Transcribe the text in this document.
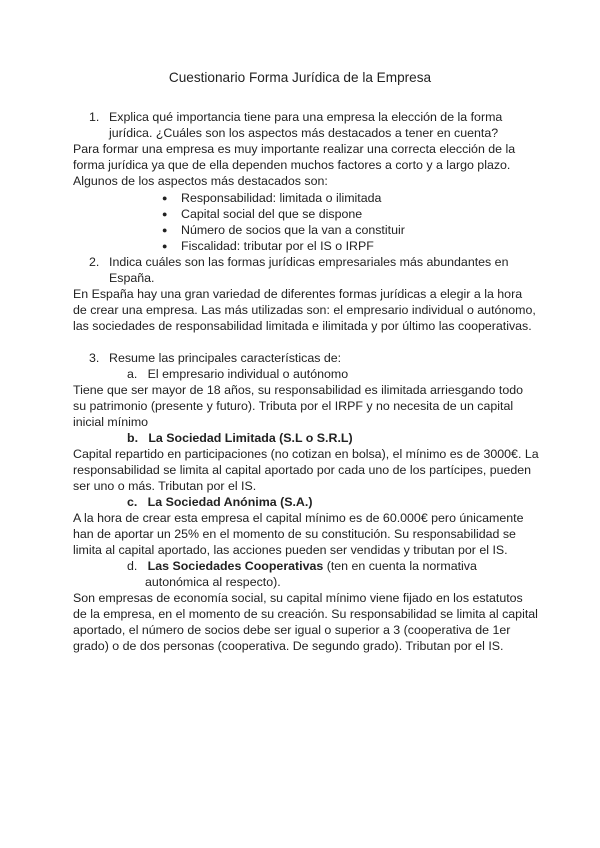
Cuestionario Forma Jurídica de la Empresa
1. Explica qué importancia tiene para una empresa la elección de la forma
jurídica. ¿Cuáles son los aspectos más destacados a tener en cuenta?
Para formar una empresa es muy importante realizar una correcta elección de la
forma jurídica ya que de ella dependen muchos factores a corto y a largo plazo.
Algunos de los aspectos más destacados son:
● Responsabilidad: limitada o ilimitada
● Capital social del que se dispone
● Número de socios que la van a constituir
● Fiscalidad: tributar por el IS o IRPF
2. Indica cuáles son las formas jurídicas empresariales más abundantes en
España.
En España hay una gran variedad de diferentes formas jurídicas a elegir a la hora
de crear una empresa. Las más utilizadas son: el empresario individual o autónomo,
las sociedades de responsabilidad limitada e ilimitada y por último las cooperativas.
3. Resume las principales características de:
a. El empresario individual o autónomo
Tiene que ser mayor de 18 años, su responsabilidad es ilimitada arriesgando todo
su patrimonio (presente y futuro). Tributa por el IRPF y no necesita de un capital
inicial mínimo
b. La Sociedad Limitada (S.L o S.R.L)
Capital repartido en participaciones (no cotizan en bolsa), el mínimo es de 3000€. La
responsabilidad se limita al capital aportado por cada uno de los partícipes, pueden
ser uno o más. Tributan por el IS.
c. La Sociedad Anónima (S.A.)
A la hora de crear esta empresa el capital mínimo es de 60.000€ pero únicamente
han de aportar un 25% en el momento de su constitución. Su responsabilidad se
limita al capital aportado, las acciones pueden ser vendidas y tributan por el IS.
d. Las Sociedades Cooperativas (ten en cuenta la normativa
autonómica al respecto).
Son empresas de economía social, su capital mínimo viene fijado en los estatutos
de la empresa, en el momento de su creación. Su responsabilidad se limita al capital
aportado, el número de socios debe ser igual o superior a 3 (cooperativa de 1er
grado) o de dos personas (cooperativa. De segundo grado). Tributan por el IS.
